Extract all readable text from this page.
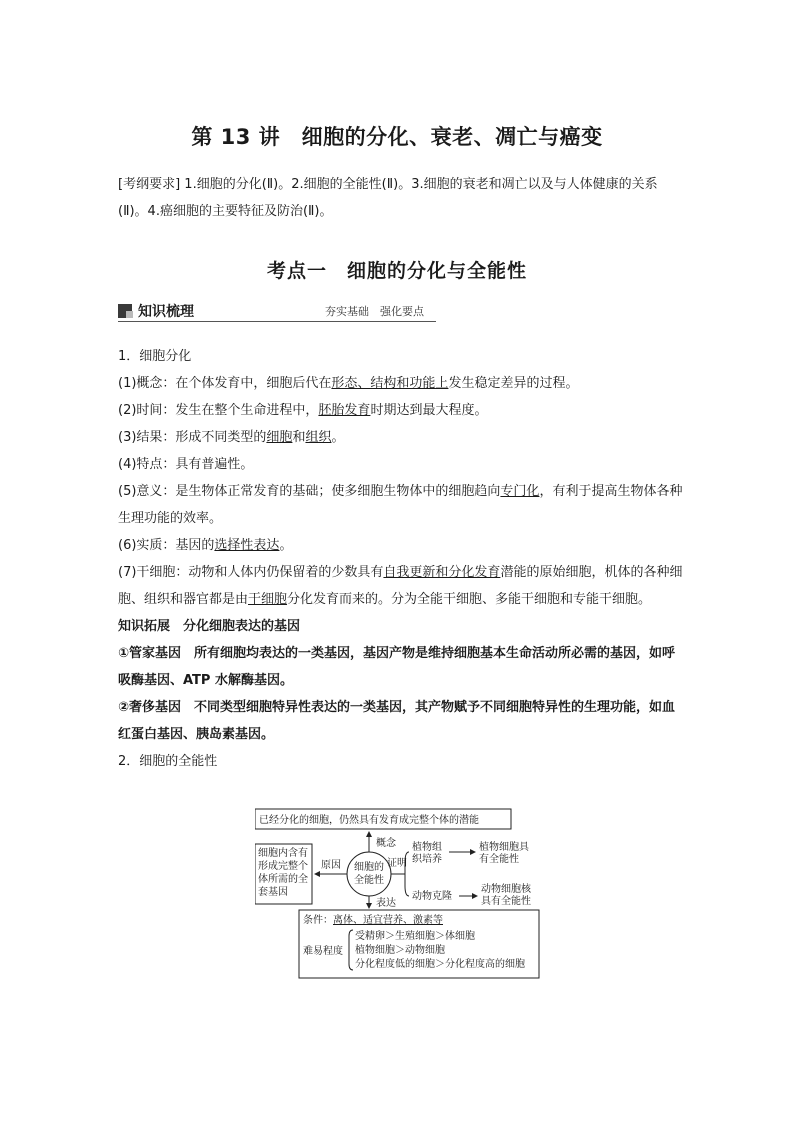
第 13 讲　细胞的分化、衰老、凋亡与癌变
[考纲要求] 1.细胞的分化(Ⅱ)。2.细胞的全能性(Ⅱ)。3.细胞的衰老和凋亡以及与人体健康的关系(Ⅱ)。4.癌细胞的主要特征及防治(Ⅱ)。
考点一　细胞的分化与全能性
知识梳理	夯实基础　强化要点

1．细胞分化

(1)概念：在个体发育中，细胞后代在形态、结构和功能上发生稳定差异的过程。

(2)时间：发生在整个生命进程中，胚胎发育时期达到最大程度。

(3)结果：形成不同类型的细胞和组织。

(4)特点：具有普遍性。

(5)意义：是生物体正常发育的基础；使多细胞生物体中的细胞趋向专门化，有利于提高生物体各种生理功能的效率。

(6)实质：基因的选择性表达。

(7)干细胞：动物和人体内仍保留着的少数具有自我更新和分化发育潜能的原始细胞，机体的各种细胞、组织和器官都是由干细胞分化发育而来的。分为全能干细胞、多能干细胞和专能干细胞。

知识拓展　分化细胞表达的基因

①管家基因　所有细胞均表达的一类基因，基因产物是维持细胞基本生命活动所必需的基因，如呼吸酶基因、ATP 水解酶基因。

②奢侈基因　不同类型细胞特异性表达的一类基因，其产物赋予不同细胞特异性的生理功能，如血红蛋白基因、胰岛素基因。

2．细胞的全能性

已经分化的细胞，仍然具有发育成完整个体的潜能
细胞的
全能性
概念
细胞内含有
形成完整个
体所需的全
套基因
原因	证明
植物组
织培养
植物细胞具
有全能性
动物克隆
动物细胞核
具有全能性
表达
条件：离体、适宜营养、激素等
难易程度
受精卵＞生殖细胞＞体细胞
植物细胞＞动物细胞
分化程度低的细胞＞分化程度高的细胞
